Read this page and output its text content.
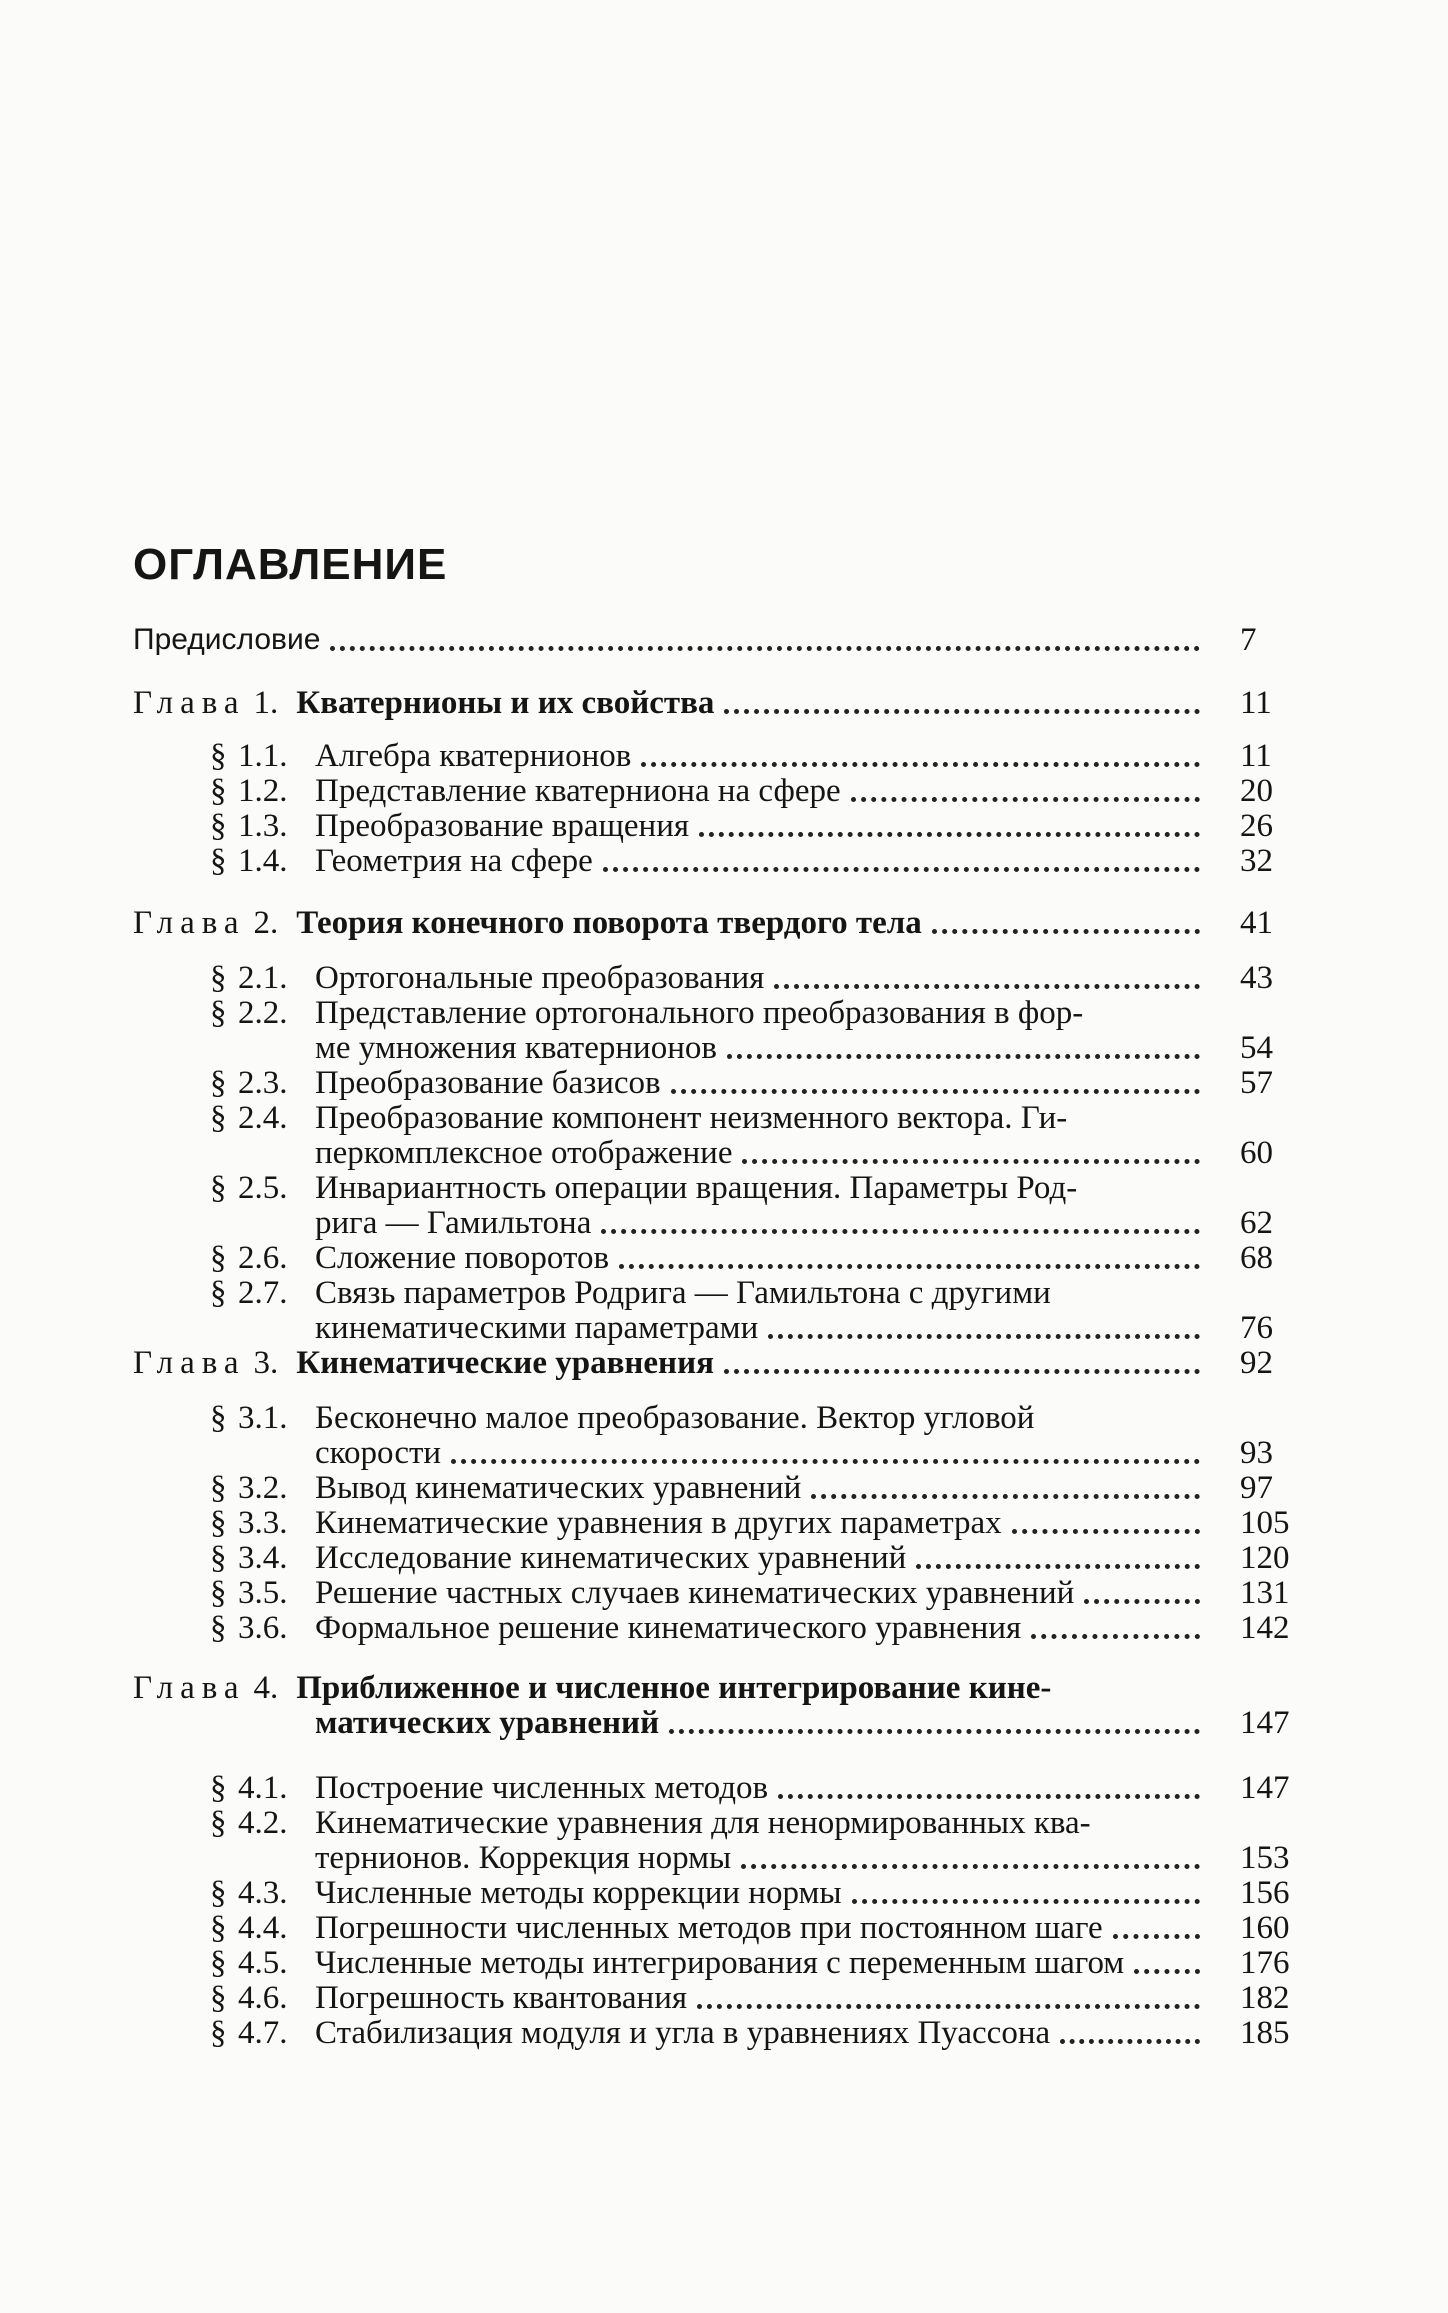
ОГЛАВЛЕНИЕ
Предисловие	7
Глава 1. Кватернионы и их свойства	11
§ 1.1. Алгебра кватернионов	11
§ 1.2. Представление кватерниона на сфере	20
§ 1.3. Преобразование вращения	26
§ 1.4. Геометрия на сфере	32
Глава 2. Теория конечного поворота твердого тела	41
§ 2.1. Ортогональные преобразования	43
§ 2.2. Представление ортогонального преобразования в фор-
ме умножения кватернионов	54
§ 2.3. Преобразование базисов	57
§ 2.4. Преобразование компонент неизменного вектора. Ги-
перкомплексное отображение	60
§ 2.5. Инвариантность операции вращения. Параметры Род-
рига — Гамильтона	62
§ 2.6. Сложение поворотов	68
§ 2.7. Связь параметров Родрига — Гамильтона с другими
кинематическими параметрами	76
Глава 3. Кинематические уравнения	92
§ 3.1. Бесконечно малое преобразование. Вектор угловой
скорости	93
§ 3.2. Вывод кинематических уравнений	97
§ 3.3. Кинематические уравнения в других параметрах	105
§ 3.4. Исследование кинематических уравнений	120
§ 3.5. Решение частных случаев кинематических уравнений	131
§ 3.6. Формальное решение кинематического уравнения	142
Глава 4. Приближенное и численное интегрирование кине-
матических уравнений	147
§ 4.1. Построение численных методов	147
§ 4.2. Кинематические уравнения для ненормированных ква-
тернионов. Коррекция нормы	153
§ 4.3. Численные методы коррекции нормы	156
§ 4.4. Погрешности численных методов при постоянном шаге	160
§ 4.5. Численные методы интегрирования с переменным шагом	176
§ 4.6. Погрешность квантования	182
§ 4.7. Стабилизация модуля и угла в уравнениях Пуассона	185
